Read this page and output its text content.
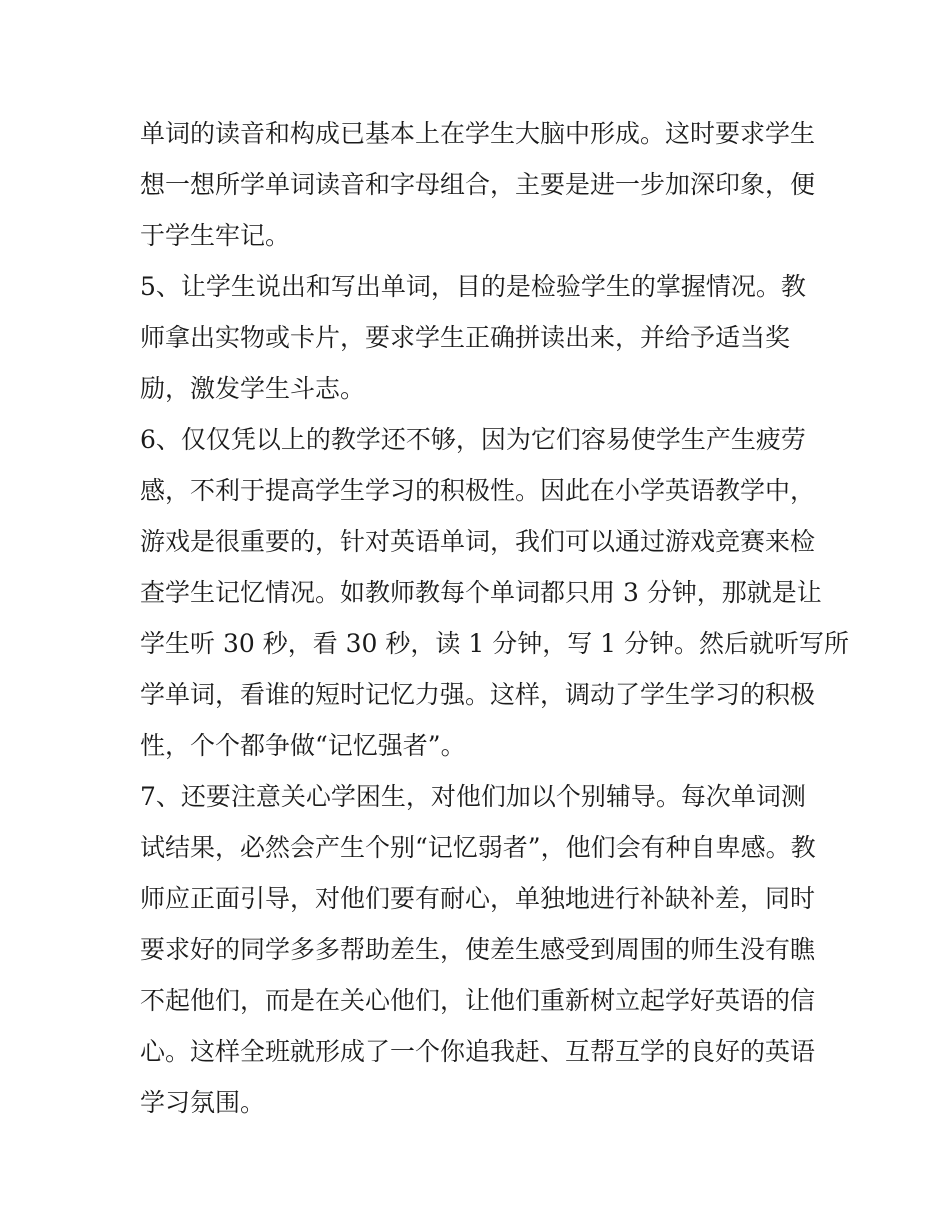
单词的读音和构成已基本上在学生大脑中形成。这时要求学生

想一想所学单词读音和字母组合，主要是进一步加深印象，便

于学生牢记。

5、让学生说出和写出单词，目的是检验学生的掌握情况。教

师拿出实物或卡片，要求学生正确拼读出来，并给予适当奖

励，激发学生斗志。

6、仅仅凭以上的教学还不够，因为它们容易使学生产生疲劳

感，不利于提高学生学习的积极性。因此在小学英语教学中，

游戏是很重要的，针对英语单词，我们可以通过游戏竞赛来检

查学生记忆情况。如教师教每个单词都只用 3 分钟，那就是让

学生听 30 秒，看 30 秒，读 1 分钟，写 1 分钟。然后就听写所

学单词，看谁的短时记忆力强。这样，调动了学生学习的积极

性，个个都争做“记忆强者”。

7、还要注意关心学困生，对他们加以个别辅导。每次单词测

试结果，必然会产生个别“记忆弱者”，他们会有种自卑感。教

师应正面引导，对他们要有耐心，单独地进行补缺补差，同时

要求好的同学多多帮助差生，使差生感受到周围的师生没有瞧

不起他们，而是在关心他们，让他们重新树立起学好英语的信

心。这样全班就形成了一个你追我赶、互帮互学的良好的英语

学习氛围。
